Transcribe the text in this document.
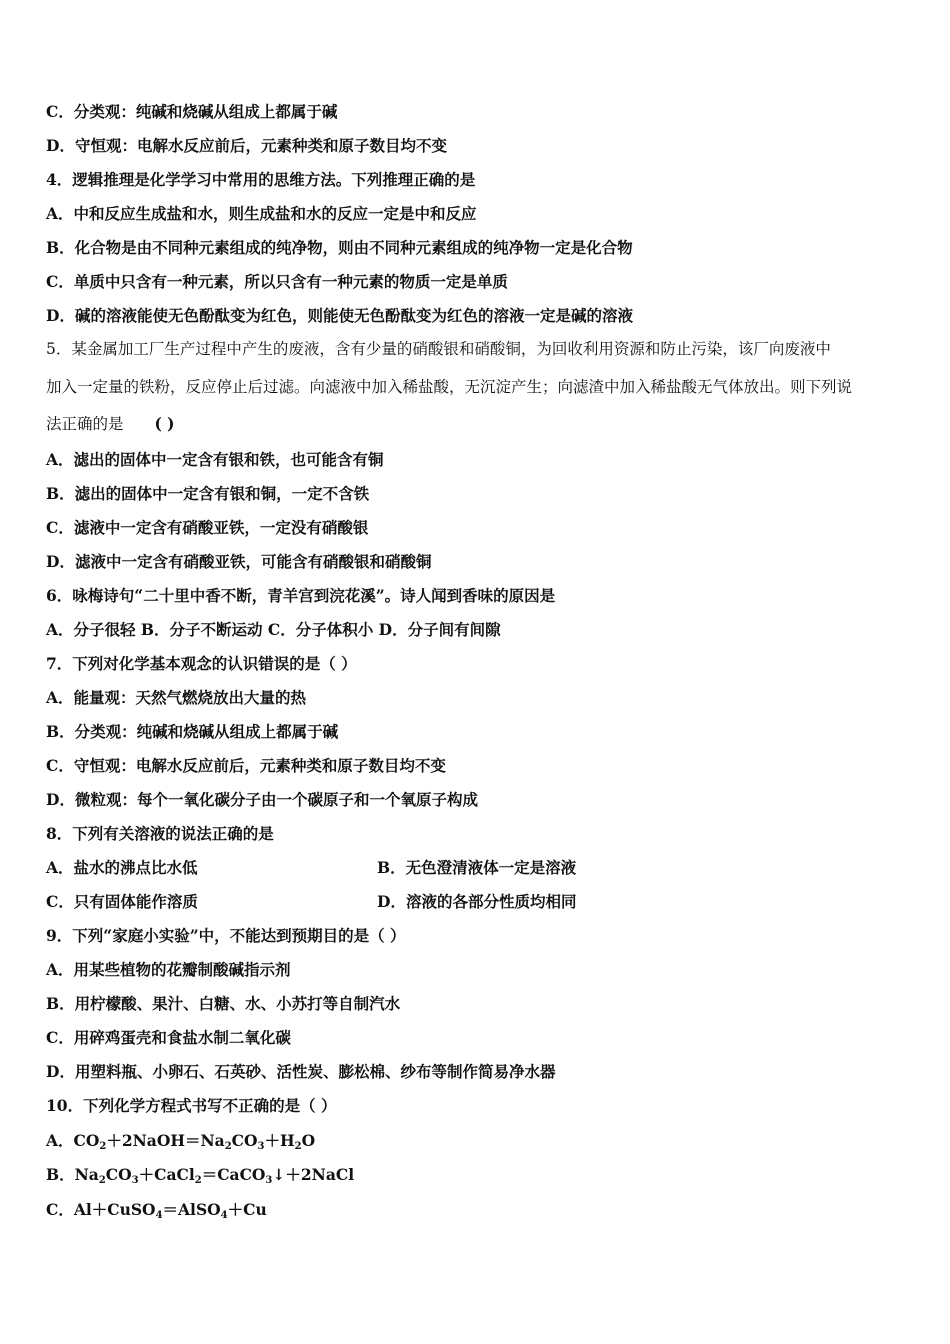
C．分类观：纯碱和烧碱从组成上都属于碱
D．守恒观：电解水反应前后，元素种类和原子数目均不变
4．逻辑推理是化学学习中常用的思维方法。下列推理正确的是
A．中和反应生成盐和水，则生成盐和水的反应一定是中和反应
B．化合物是由不同种元素组成的纯净物，则由不同种元素组成的纯净物一定是化合物
C．单质中只含有一种元素，所以只含有一种元素的物质一定是单质
D．碱的溶液能使无色酚酞变为红色，则能使无色酚酞变为红色的溶液一定是碱的溶液
5．某金属加工厂生产过程中产生的废液，含有少量的硝酸银和硝酸铜，为回收利用资源和防止污染，该厂向废液中
加入一定量的铁粉，反应停止后过滤。向滤液中加入稀盐酸，无沉淀产生；向滤渣中加入稀盐酸无气体放出。则下列说
法正确的是 ( )
A．滤出的固体中一定含有银和铁，也可能含有铜
B．滤出的固体中一定含有银和铜，一定不含铁
C．滤液中一定含有硝酸亚铁，一定没有硝酸银
D．滤液中一定含有硝酸亚铁，可能含有硝酸银和硝酸铜
6．咏梅诗句“二十里中香不断，青羊宫到浣花溪”。诗人闻到香味的原因是
A．分子很轻 B．分子不断运动 C．分子体积小 D．分子间有间隙
7．下列对化学基本观念的认识错误的是（ ）
A．能量观：天然气燃烧放出大量的热
B．分类观：纯碱和烧碱从组成上都属于碱
C．守恒观：电解水反应前后，元素种类和原子数目均不变
D．微粒观：每个一氧化碳分子由一个碳原子和一个氧原子构成
8．下列有关溶液的说法正确的是
A．盐水的沸点比水低	B．无色澄清液体一定是溶液
C．只有固体能作溶质	D．溶液的各部分性质均相同
9．下列“家庭小实验”中，不能达到预期目的是（ ）
A．用某些植物的花瓣制酸碱指示剂
B．用柠檬酸、果汁、白糖、水、小苏打等自制汽水
C．用碎鸡蛋壳和食盐水制二氧化碳
D．用塑料瓶、小卵石、石英砂、活性炭、膨松棉、纱布等制作简易净水器
10．下列化学方程式书写不正确的是（ ）
A．$CO_2+2NaOH=Na_2CO_3+H_2O$
B．$Na_2CO_3+CaCl_2=CaCO_3↓+2NaCl$
C．Al＋CuSO$_4$＝AlSO$_4$＋Cu
